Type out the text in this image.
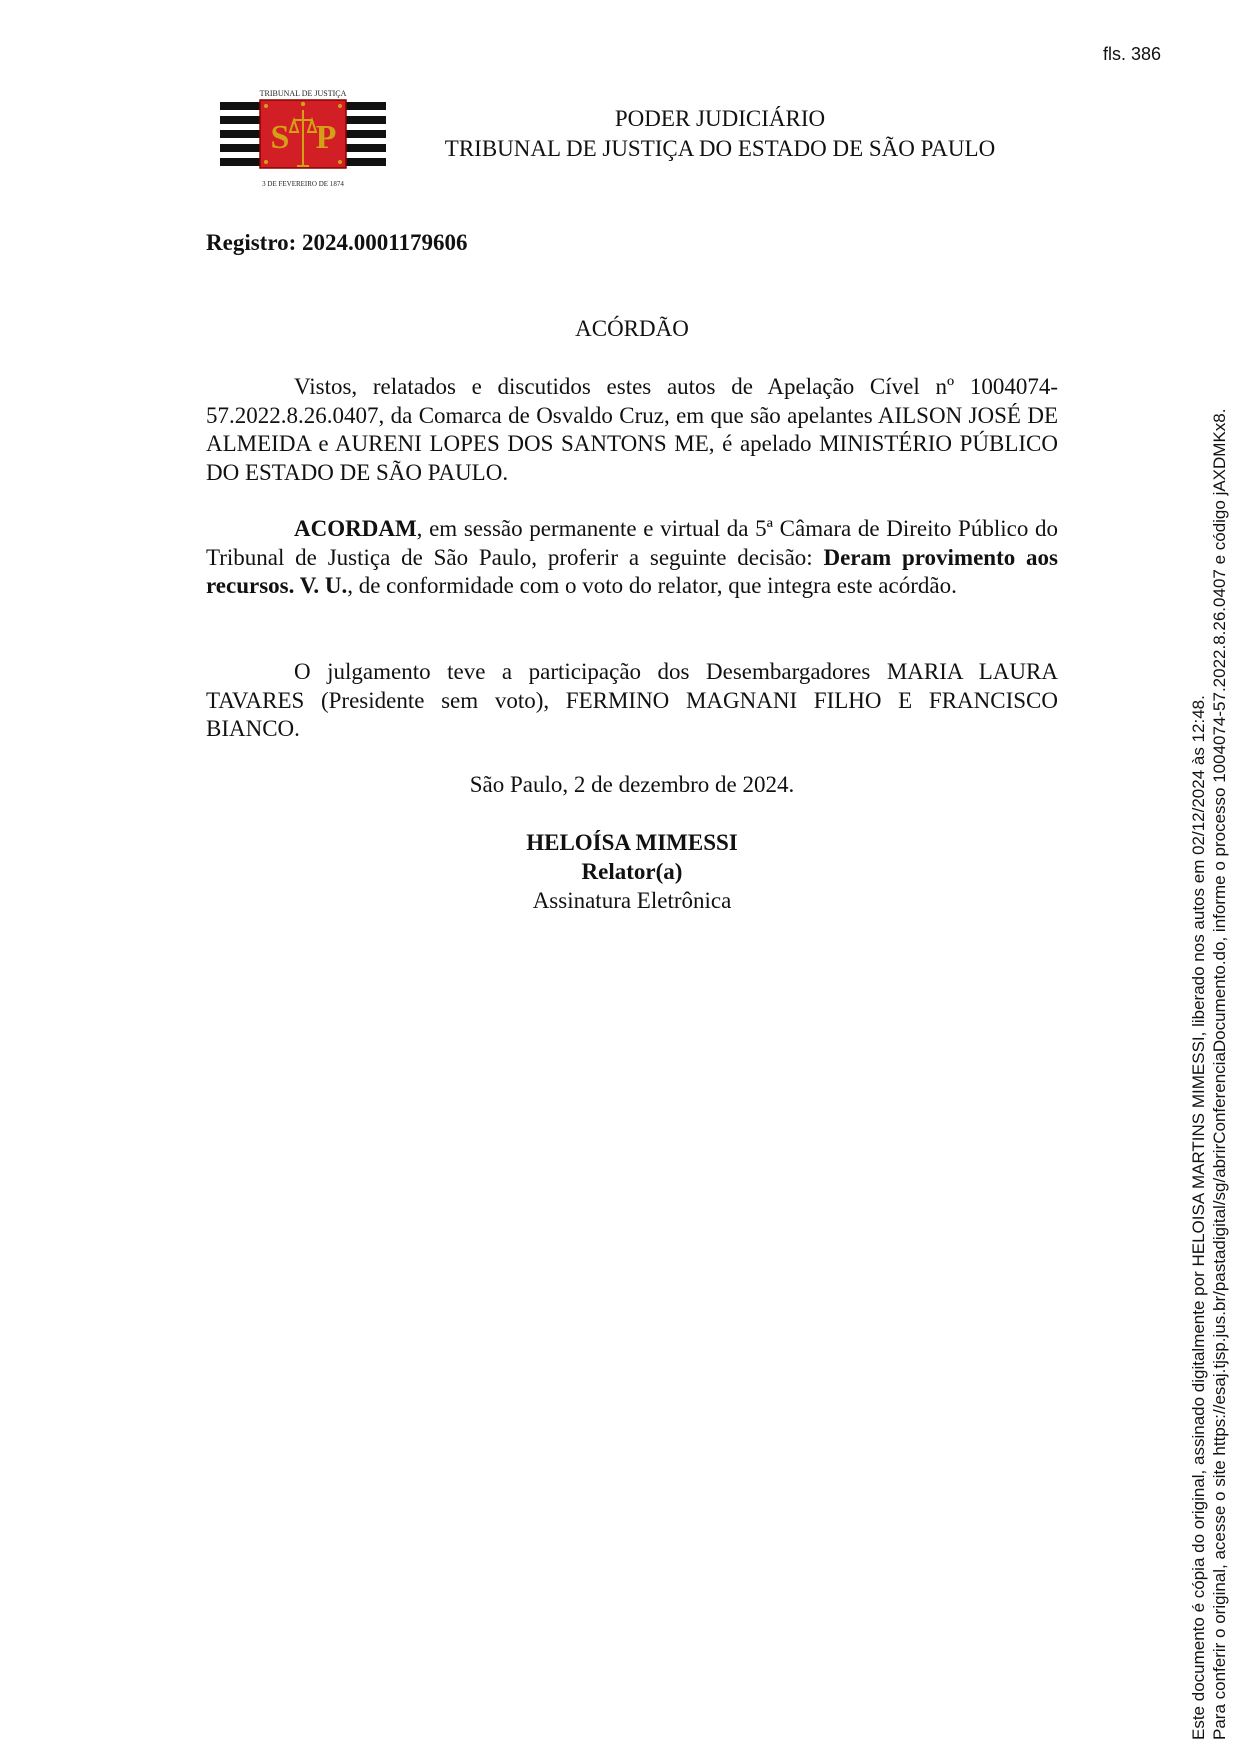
fls. 386
TRIBUNAL DE JUSTIÇA
S P
3 DE FEVEREIRO DE 1874
PODER JUDICIÁRIO
TRIBUNAL DE JUSTIÇA DO ESTADO DE SÃO PAULO
Registro: 2024.0001179606
ACÓRDÃO
Vistos, relatados e discutidos estes autos de Apelação Cível nº 1004074-57.2022.8.26.0407, da Comarca de Osvaldo Cruz, em que são apelantes AILSON JOSÉ DE ALMEIDA e AURENI LOPES DOS SANTONS ME, é apelado MINISTÉRIO PÚBLICO DO ESTADO DE SÃO PAULO.
ACORDAM, em sessão permanente e virtual da 5ª Câmara de Direito Público do Tribunal de Justiça de São Paulo, proferir a seguinte decisão: Deram provimento aos recursos. V. U., de conformidade com o voto do relator, que integra este acórdão.
O julgamento teve a participação dos Desembargadores MARIA LAURA TAVARES (Presidente sem voto), FERMINO MAGNANI FILHO E FRANCISCO BIANCO.
São Paulo, 2 de dezembro de 2024.
HELOÍSA MIMESSI
Relator(a)
Assinatura Eletrônica	Este documento é cópia do original, assinado digitalmente por HELOISA MARTINS MIMESSI, liberado nos autos em 02/12/2024 às 12:48. Para conferir o original, acesse o site https://esaj.tjsp.jus.br/pastadigital/sg/abrirConferenciaDocumento.do, informe o processo 1004074-57.2022.8.26.0407 e código jAXDMKx8.
